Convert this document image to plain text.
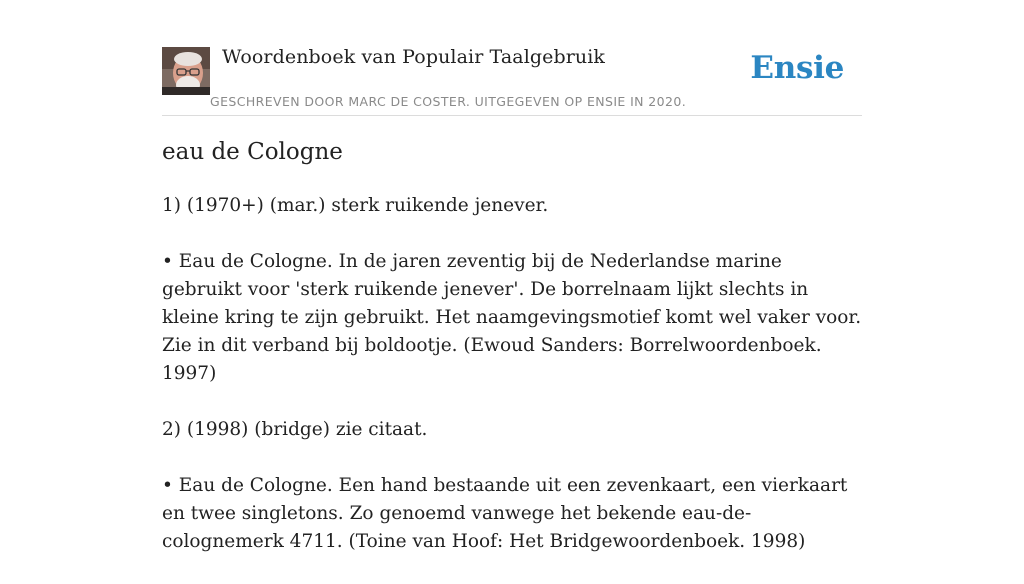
Woordenboek van Populair Taalgebruik
GESCHREVEN DOOR MARC DE COSTER. UITGEGEVEN OP ENSIE IN 2020.
Ensie
eau de Cologne

1) (1970+) (mar.) sterk ruikende jenever.

• Eau de Cologne. In de jaren zeventig bij de Nederlandse marine gebruikt voor 'sterk ruikende jenever'. De borrelnaam lijkt slechts in kleine kring te zijn gebruikt. Het naamgevingsmotief komt wel vaker voor. Zie in dit verband bij boldootje. (Ewoud Sanders: Borrelwoordenboek. 1997)

2) (1998) (bridge) zie citaat.

• Eau de Cologne. Een hand bestaande uit een zevenkaart, een vierkaart en twee singletons. Zo genoemd vanwege het bekende eau-de-colognemerk 4711. (Toine van Hoof: Het Bridgewoordenboek. 1998)
